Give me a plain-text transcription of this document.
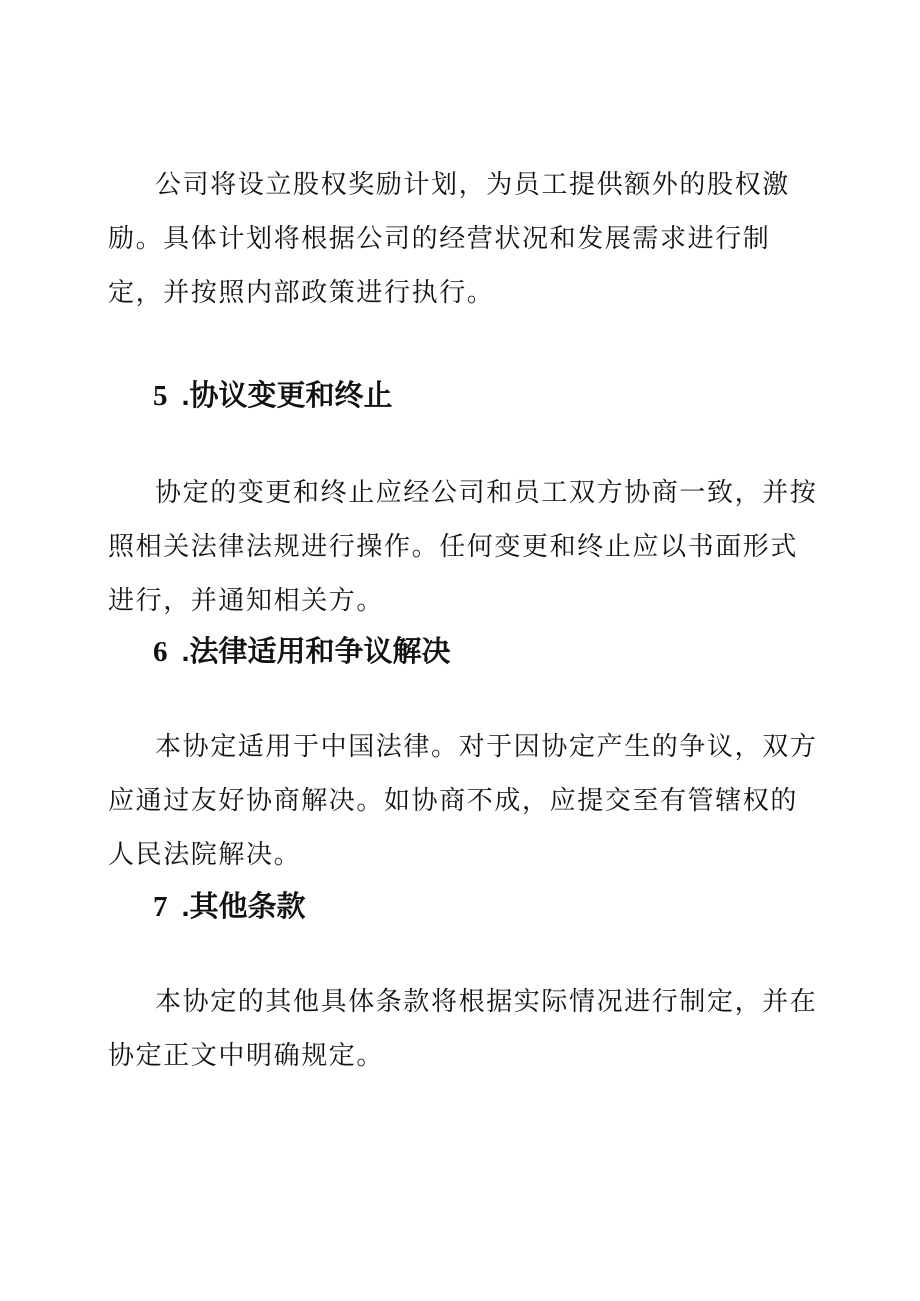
公司将设立股权奖励计划，为员工提供额外的股权激励。具体计划将根据公司的经营状况和发展需求进行制定，并按照内部政策进行执行。

5 .协议变更和终止

协定的变更和终止应经公司和员工双方协商一致，并按照相关法律法规进行操作。任何变更和终止应以书面形式进行，并通知相关方。

6 .法律适用和争议解决

本协定适用于中国法律。对于因协定产生的争议，双方应通过友好协商解决。如协商不成，应提交至有管辖权的人民法院解决。

7 .其他条款

本协定的其他具体条款将根据实际情况进行制定，并在协定正文中明确规定。
